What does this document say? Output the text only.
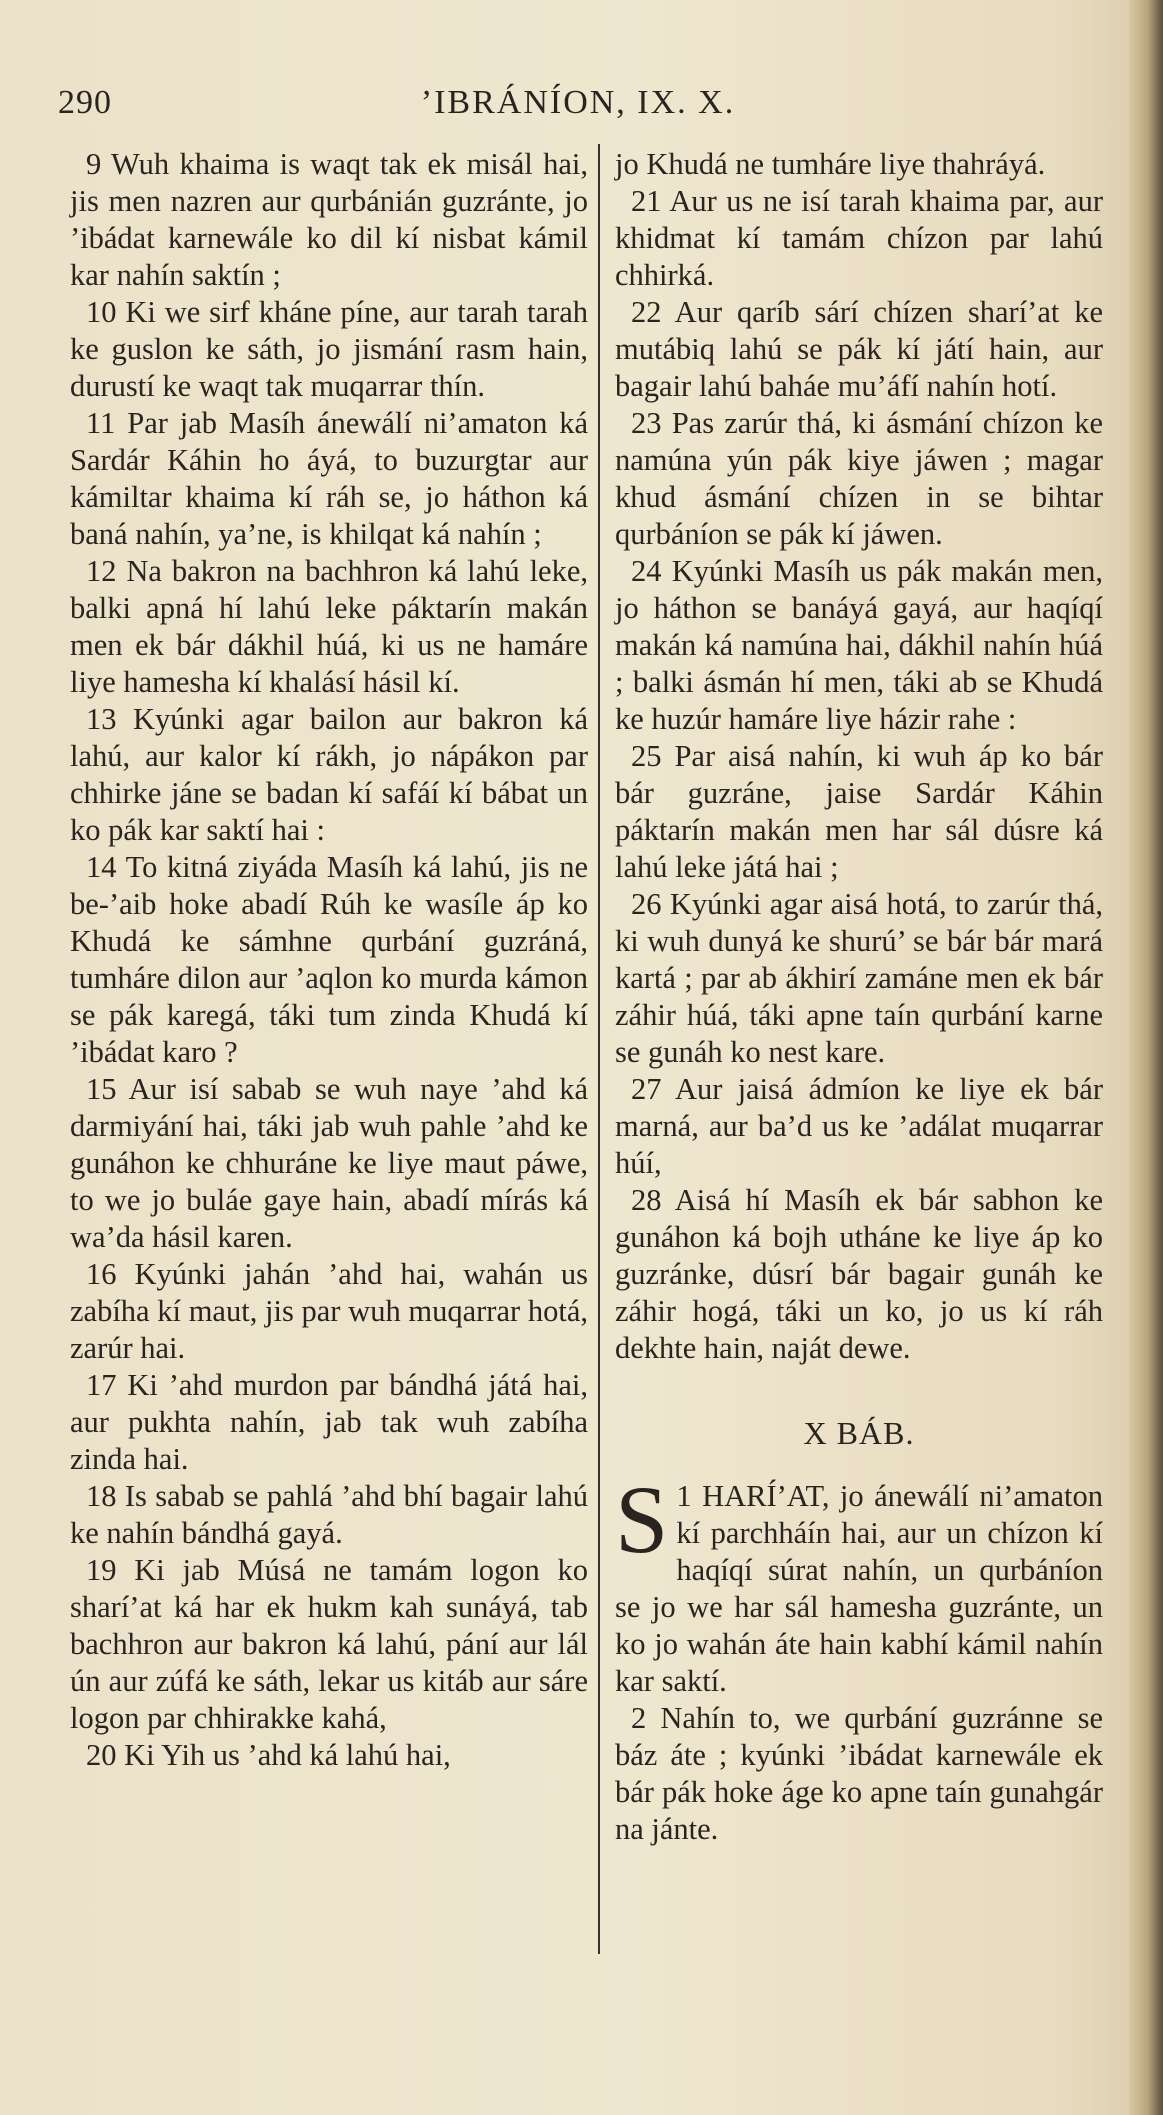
290	’IBRÁNÍON, IX. X.

9 Wuh khaima is waqt tak ek misál hai, jis men nazren aur qurbánián guzránte, jo ’ibádat karnewále ko dil kí nisbat kámil kar nahín saktín ;

10 Ki we sirf kháne píne, aur tarah tarah ke guslon ke sáth, jo jismání rasm hain, durustí ke waqt tak muqarrar thín.

11 Par jab Masíh ánewálí ni’amaton ká Sardár Káhin ho áyá, to buzurgtar aur kámiltar khaima kí ráh se, jo háthon ká baná nahín, ya’ne, is khilqat ká nahín ;

12 Na bakron na bachhron ká lahú leke, balki apná hí lahú leke páktarín makán men ek bár dákhil húá, ki us ne hamáre liye hamesha kí khalásí hásil kí.

13 Kyúnki agar bailon aur bakron ká lahú, aur kalor kí rákh, jo nápákon par chhirke jáne se badan kí safáí kí bábat un ko pák kar saktí hai :

14 To kitná ziyáda Masíh ká lahú, jis ne be-’aib hoke abadí Rúh ke wasíle áp ko Khudá ke sámhne qurbání guzráná, tumháre dilon aur ’aqlon ko murda kámon se pák karegá, táki tum zinda Khudá kí ’ibádat karo ?

15 Aur isí sabab se wuh naye ’ahd ká darmiyání hai, táki jab wuh pahle ’ahd ke gunáhon ke chhuráne ke liye maut páwe, to we jo buláe gaye hain, abadí mírás ká wa’da hásil karen.

16 Kyúnki jahán ’ahd hai, wahán us zabíha kí maut, jis par wuh muqarrar hotá, zarúr hai.

17 Ki ’ahd murdon par bándhá játá hai, aur pukhta nahín, jab tak wuh zabíha zinda hai.

18 Is sabab se pahlá ’ahd bhí bagair lahú ke nahín bándhá gayá.

19 Ki jab Músá ne tamám logon ko sharí’at ká har ek hukm kah sunáyá, tab bachhron aur bakron ká lahú, pání aur lál ún aur zúfá ke sáth, lekar us kitáb aur sáre logon par chhirakke kahá,

20 Ki Yih us ’ahd ká lahú hai,

jo Khudá ne tumháre liye thahráyá.

21 Aur us ne isí tarah khaima par, aur khidmat kí tamám chízon par lahú chhirká.

22 Aur qaríb sárí chízen sharí’at ke mutábiq lahú se pák kí játí hain, aur bagair lahú baháe mu’áfí nahín hotí.

23 Pas zarúr thá, ki ásmání chízon ke namúna yún pák kiye jáwen ; magar khud ásmání chízen in se bihtar qurbáníon se pák kí jáwen.

24 Kyúnki Masíh us pák makán men, jo háthon se banáyá gayá, aur haqíqí makán ká namúna hai, dákhil nahín húá ; balki ásmán hí men, táki ab se Khudá ke huzúr hamáre liye házir rahe :

25 Par aisá nahín, ki wuh áp ko bár bár guzráne, jaise Sardár Káhin páktarín makán men har sál dúsre ká lahú leke játá hai ;

26 Kyúnki agar aisá hotá, to zarúr thá, ki wuh dunyá ke shurú’ se bár bár mará kartá ; par ab ákhirí zamáne men ek bár záhir húá, táki apne taín qurbání karne se gunáh ko nest kare.

27 Aur jaisá ádmíon ke liye ek bár marná, aur ba’d us ke ’adálat muqarrar húí,

28 Aisá hí Masíh ek bár sabhon ke gunáhon ká bojh utháne ke liye áp ko guzránke, dúsrí bár bagair gunáh ke záhir hogá, táki un ko, jo us kí ráh dekhte hain, naját dewe.

X BÁB.

1
S HARÍ’AT, jo ánewálí ni’amaton kí parchháín hai, aur un chízon kí haqíqí súrat nahín, un qurbáníon se jo we har sál hamesha guzránte, un ko jo wahán áte hain kabhí kámil nahín kar saktí.

2 Nahín to, we qurbání guzránne se báz áte ; kyúnki ’ibádat karnewále ek bár pák hoke áge ko apne taín gunahgár na jánte.
